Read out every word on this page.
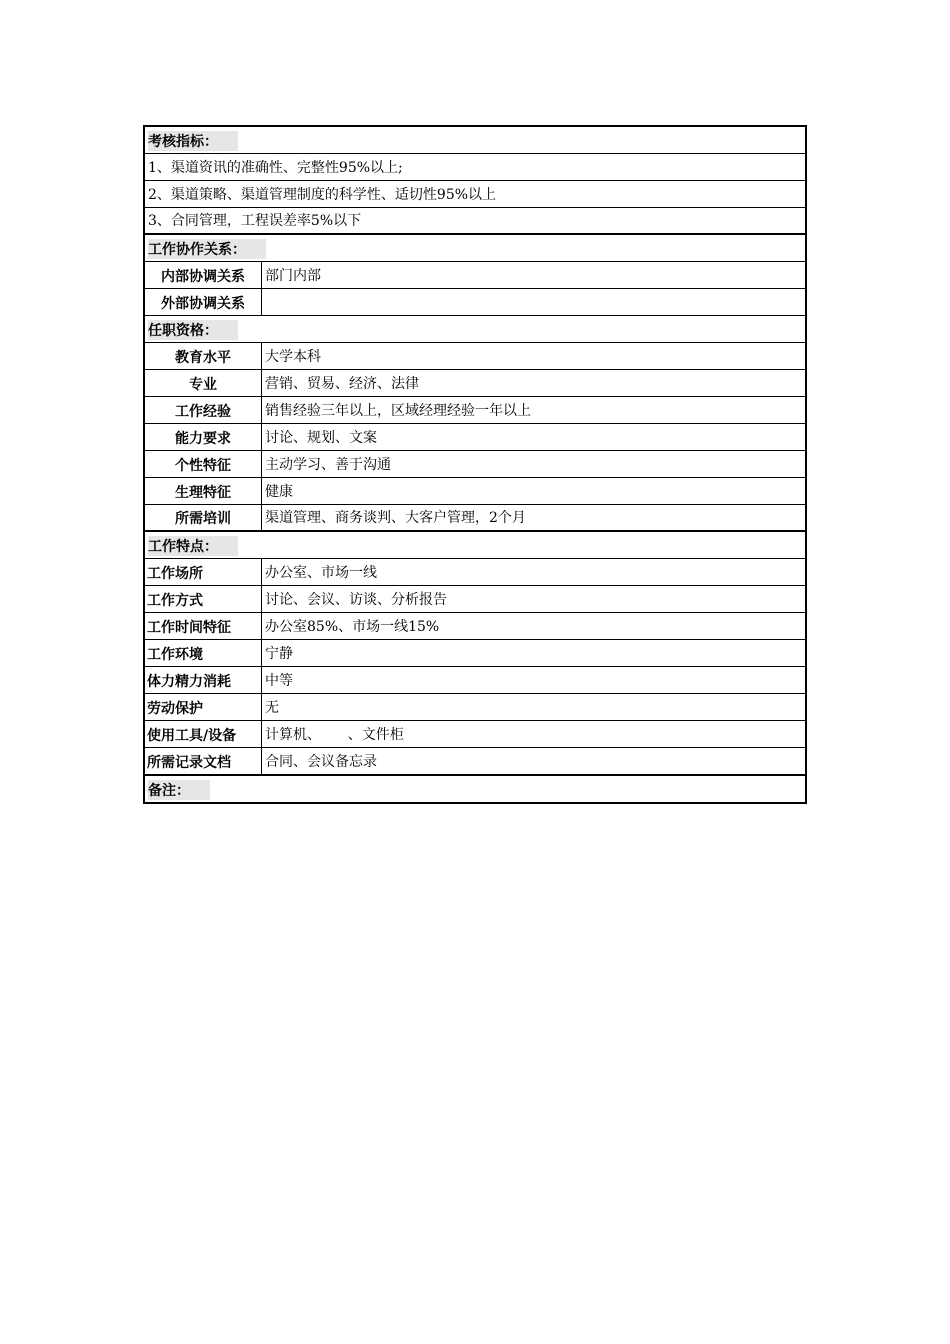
考核指标：
1、渠道资讯的准确性、完整性95%以上;
2、渠道策略、渠道管理制度的科学性、适切性95%以上
3、合同管理，工程误差率5%以下
工作协作关系：
内部协调关系	部门内部
外部协调关系
任职资格：
教育水平	大学本科
专业	营销、贸易、经济、法律
工作经验	销售经验三年以上，区域经理经验一年以上
能力要求	讨论、规划、文案
个性特征	主动学习、善于沟通
生理特征	健康
所需培训	渠道管理、商务谈判、大客户管理，2个月
工作特点：
工作场所	办公室、市场一线
工作方式	讨论、会议、访谈、分析报告
工作时间特征	办公室85%、市场一线15%
工作环境	宁静
体力精力消耗	中等
劳动保护	无
使用工具/设备	计算机、      、文件柜
所需记录文档	合同、会议备忘录
备注：
